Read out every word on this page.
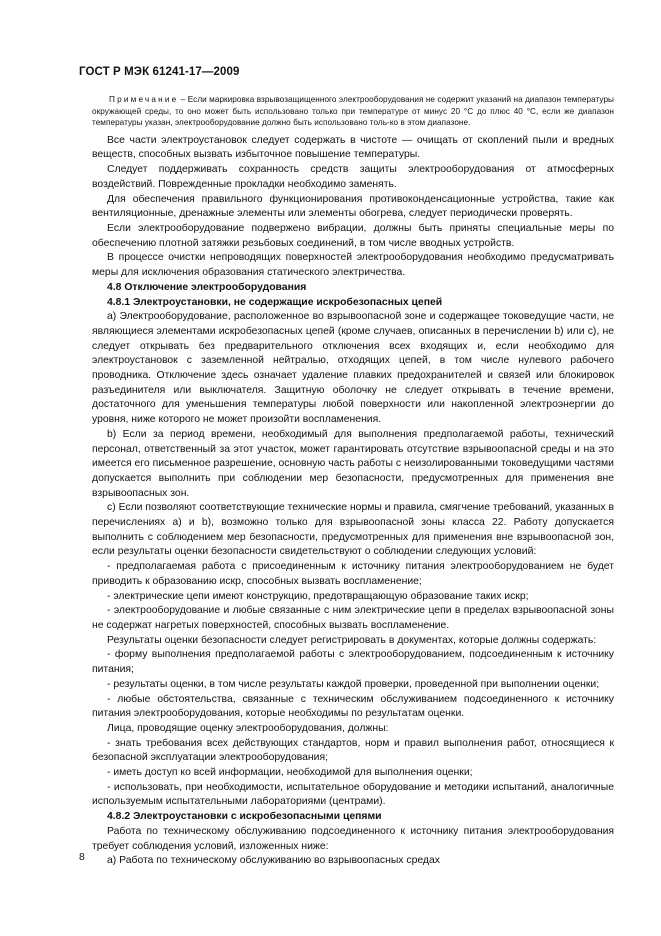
ГОСТ Р МЭК 61241-17—2009

Примечание – Если маркировка взрывозащищенного электрооборудования не содержит указаний на диапазон температуры окружающей среды, то оно может быть использовано только при температуре от минус 20 °С до плюс 40 °С, если же диапазон температуры указан, электрооборудование должно быть использовано толь-ко в этом диапазоне.

Все части электроустановок следует содержать в чистоте — очищать от скоплений пыли и вредных веществ, способных вызвать избыточное повышение температуры.

Следует поддерживать сохранность средств защиты электрооборудования от атмосферных воздействий. Поврежденные прокладки необходимо заменять.

Для обеспечения правильного функционирования противоконденсационные устройства, такие как вентиляционные, дренажные элементы или элементы обогрева, следует периодически проверять.

Если электрооборудование подвержено вибрации, должны быть приняты специальные меры по обеспечению плотной затяжки резьбовых соединений, в том числе вводных устройств.

В процессе очистки непроводящих поверхностей электрооборудования необходимо предусматривать меры для исключения образования статического электричества.

4.8 Отключение электрооборудования

4.8.1 Электроустановки, не содержащие искробезопасных цепей

а) Электрооборудование, расположенное во взрывоопасной зоне и содержащее токоведущие части, не являющиеся элементами искробезопасных цепей (кроме случаев, описанных в перечислении b) или с), не следует открывать без предварительного отключения всех входящих и, если необходимо для электроустановок с заземленной нейтралью, отходящих цепей, в том числе нулевого рабочего проводника. Отключение здесь означает удаление плавких предохранителей и связей или блокировок разъединителя или выключателя. Защитную оболочку не следует открывать в течение времени, достаточного для уменьшения температуры любой поверхности или накопленной электроэнергии до уровня, ниже которого не может произойти воспламенения.

b) Если за период времени, необходимый для выполнения предполагаемой работы, технический персонал, ответственный за этот участок, может гарантировать отсутствие взрывоопасной среды и на это имеется его письменное разрешение, основную часть работы с неизолированными токоведущими частями допускается выполнить при соблюдении мер безопасности, предусмотренных для применения вне взрывоопасных зон.

с) Если позволяют соответствующие технические нормы и правила, смягчение требований, указанных в перечислениях а) и b), возможно только для взрывоопасной зоны класса 22. Работу допускается выполнить с соблюдением мер безопасности, предусмотренных для применения вне взрывоопасной зон, если результаты оценки безопасности свидетельствуют о соблюдении следующих условий:

- предполагаемая работа с присоединенным к источнику питания электрооборудованием не будет приводить к образованию искр, способных вызвать воспламенение;

- электрические цепи имеют конструкцию, предотвращающую образование таких искр;

- электрооборудование и любые связанные с ним электрические цепи в пределах взрывоопасной зоны не содержат нагретых поверхностей, способных вызвать воспламенение.

Результаты оценки безопасности следует регистрировать в документах, которые должны содержать:

- форму выполнения предполагаемой работы с электрооборудованием, подсоединенным к источнику питания;

- результаты оценки, в том числе результаты каждой проверки, проведенной при выполнении оценки;

- любые обстоятельства, связанные с техническим обслуживанием подсоединенного к источнику питания электрооборудования, которые необходимы по результатам оценки.

Лица, проводящие оценку электрооборудования, должны:

- знать требования всех действующих стандартов, норм и правил выполнения работ, относящиеся к безопасной эксплуатации электрооборудования;

- иметь доступ ко всей информации, необходимой для выполнения оценки;

- использовать, при необходимости, испытательное оборудование и методики испытаний, аналогичные используемым испытательными лабораториями (центрами).

4.8.2 Электроустановки с искробезопасными цепями

Работа по техническому обслуживанию подсоединенного к источнику питания электрооборудования требует соблюдения условий, изложенных ниже:

а) Работа по техническому обслуживанию во взрывоопасных средах

8
